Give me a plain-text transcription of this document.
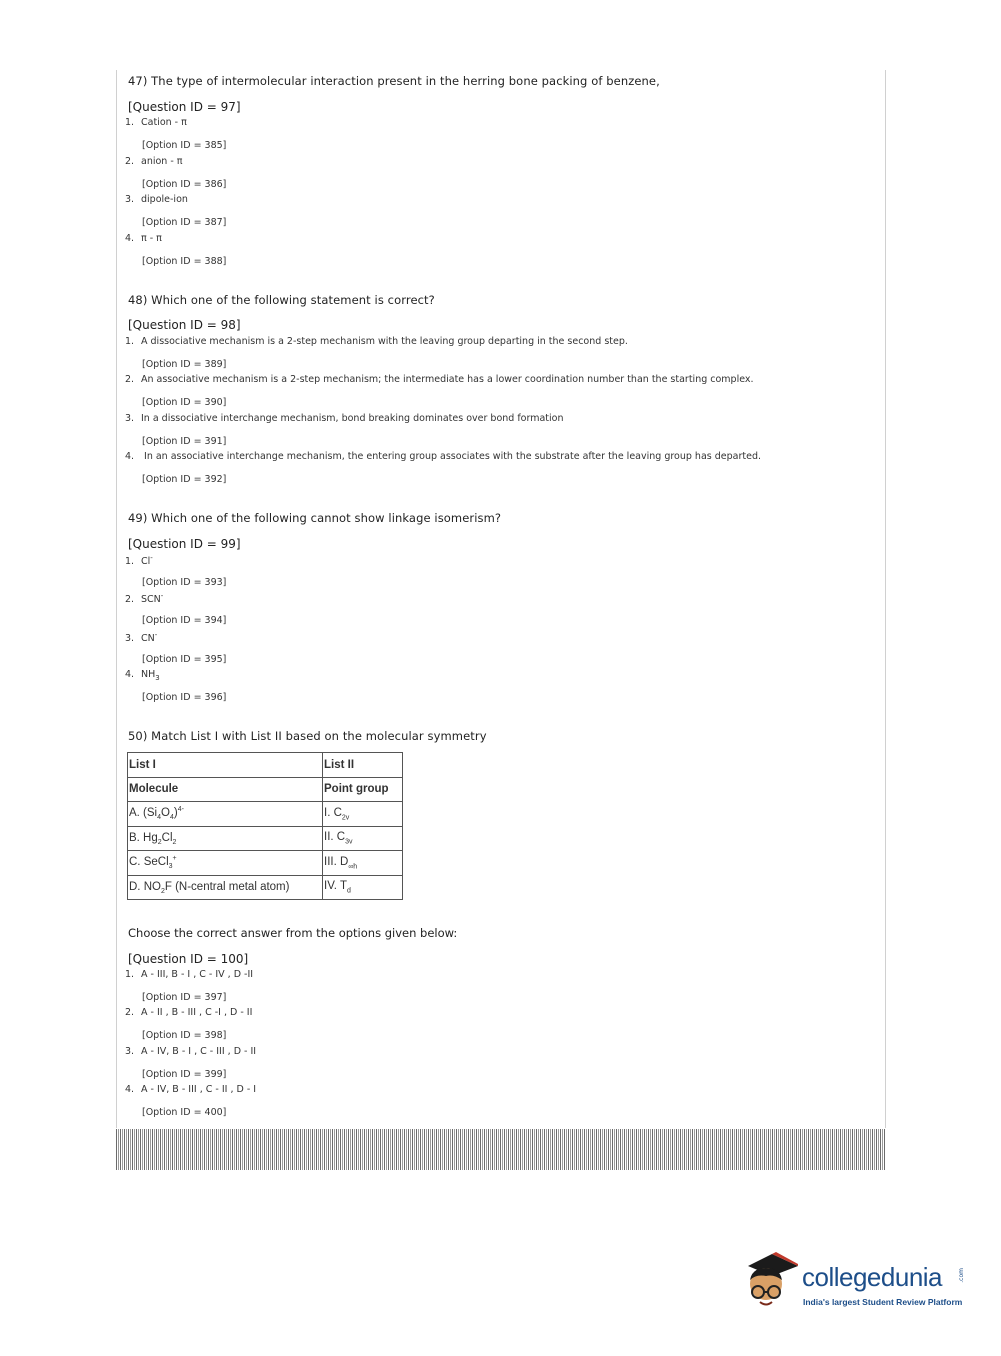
47) The type of intermolecular interaction present in the herring bone packing of benzene,
[Question ID = 97]
1. Cation - π
[Option ID = 385]
2. anion - π
[Option ID = 386]
3. dipole-ion
[Option ID = 387]
4. π - π
[Option ID = 388]
48) Which one of the following statement is correct?
[Question ID = 98]
1. A dissociative mechanism is a 2-step mechanism with the leaving group departing in the second step.
[Option ID = 389]
2. An associative mechanism is a 2-step mechanism; the intermediate has a lower coordination number than the starting complex.
[Option ID = 390]
3. In a dissociative interchange mechanism, bond breaking dominates over bond formation
[Option ID = 391]
4. In an associative interchange mechanism, the entering group associates with the substrate after the leaving group has departed.
[Option ID = 392]
49) Which one of the following cannot show linkage isomerism?
[Question ID = 99]
1. Cl-
[Option ID = 393]
2. SCN-
[Option ID = 394]
3. CN-
[Option ID = 395]
4. $NH_3$
[Option ID = 396]
50) Match List I with List II based on the molecular symmetry
List I	List II
Molecule	Point group
A. $(Si_4O_4)^{4-}$	I. $C_{2v}$
B. $Hg_2Cl_2$	II. $C_{3v}$
C. SeCl$_3$+	III. $D_{\infty h}$
D. $NO_2F$ (N-central metal atom)	IV. $T_d$
Choose the correct answer from the options given below:
[Question ID = 100]
1. A - III, B - I , C - IV , D -II
[Option ID = 397]
2. A - II , B - III , C -I , D - II
[Option ID = 398]
3. A - IV, B - I , C - III , D - II
[Option ID = 399]
4. A - IV, B - III , C - II , D - I
[Option ID = 400]
collegedunia	.com
India's largest Student Review Platform
